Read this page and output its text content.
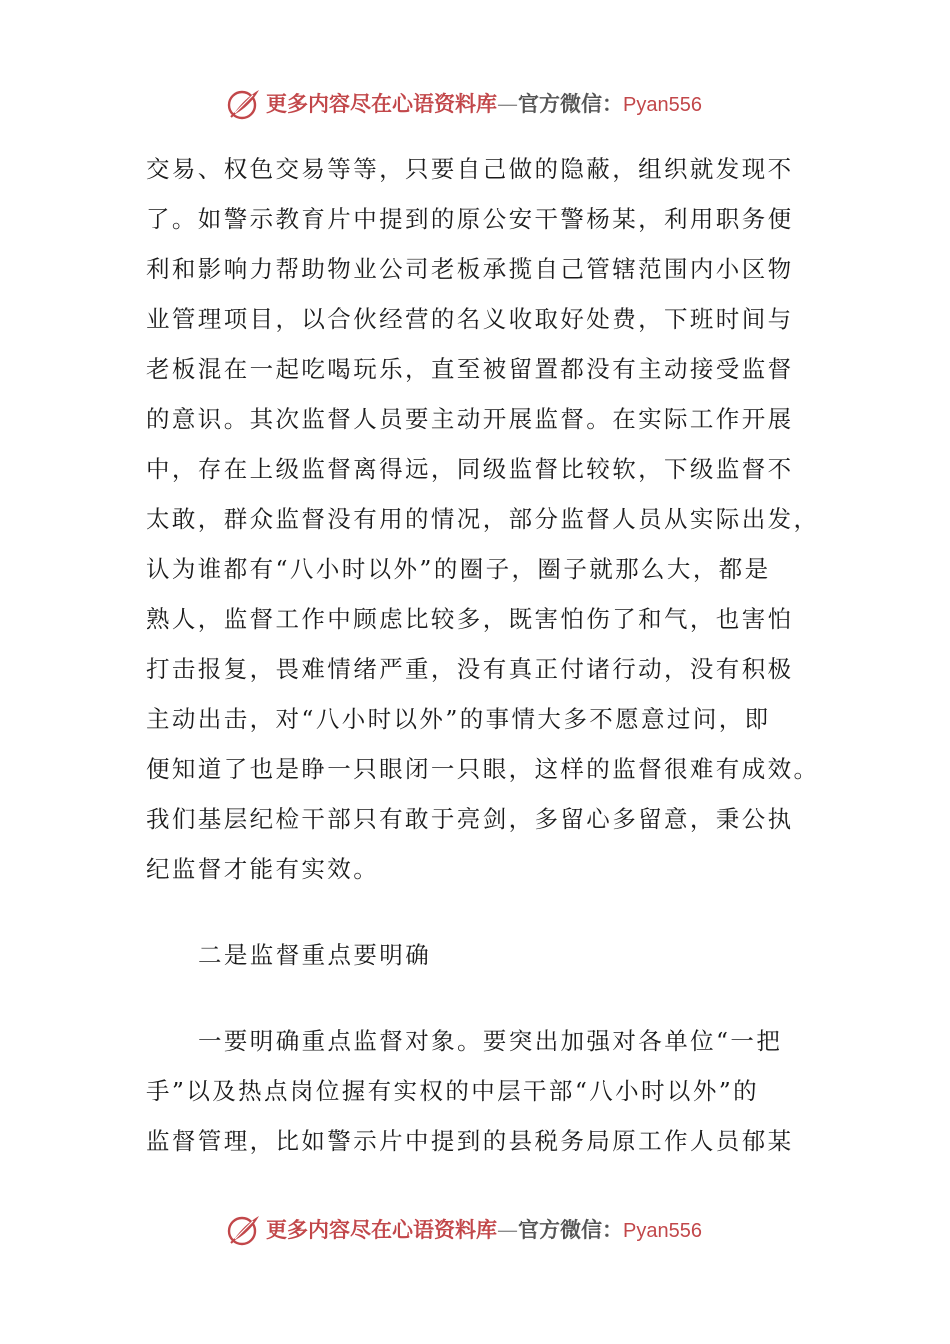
更多内容尽在心语资料库—官方微信：Pyan556
交易、权色交易等等，只要自己做的隐蔽，组织就发现不
了。如警示教育片中提到的原公安干警杨某，利用职务便
利和影响力帮助物业公司老板承揽自己管辖范围内小区物
业管理项目，以合伙经营的名义收取好处费，下班时间与
老板混在一起吃喝玩乐，直至被留置都没有主动接受监督
的意识。其次监督人员要主动开展监督。在实际工作开展
中，存在上级监督离得远，同级监督比较软，下级监督不
太敢，群众监督没有用的情况，部分监督人员从实际出发，
认为谁都有“八小时以外”的圈子，圈子就那么大，都是
熟人，监督工作中顾虑比较多，既害怕伤了和气，也害怕
打击报复，畏难情绪严重，没有真正付诸行动，没有积极
主动出击，对“八小时以外”的事情大多不愿意过问，即
便知道了也是睁一只眼闭一只眼，这样的监督很难有成效。
我们基层纪检干部只有敢于亮剑，多留心多留意，秉公执
纪监督才能有实效。
二是监督重点要明确
一要明确重点监督对象。要突出加强对各单位“一把
手”以及热点岗位握有实权的中层干部“八小时以外”的
监督管理，比如警示片中提到的县税务局原工作人员郁某
更多内容尽在心语资料库—官方微信：Pyan556
